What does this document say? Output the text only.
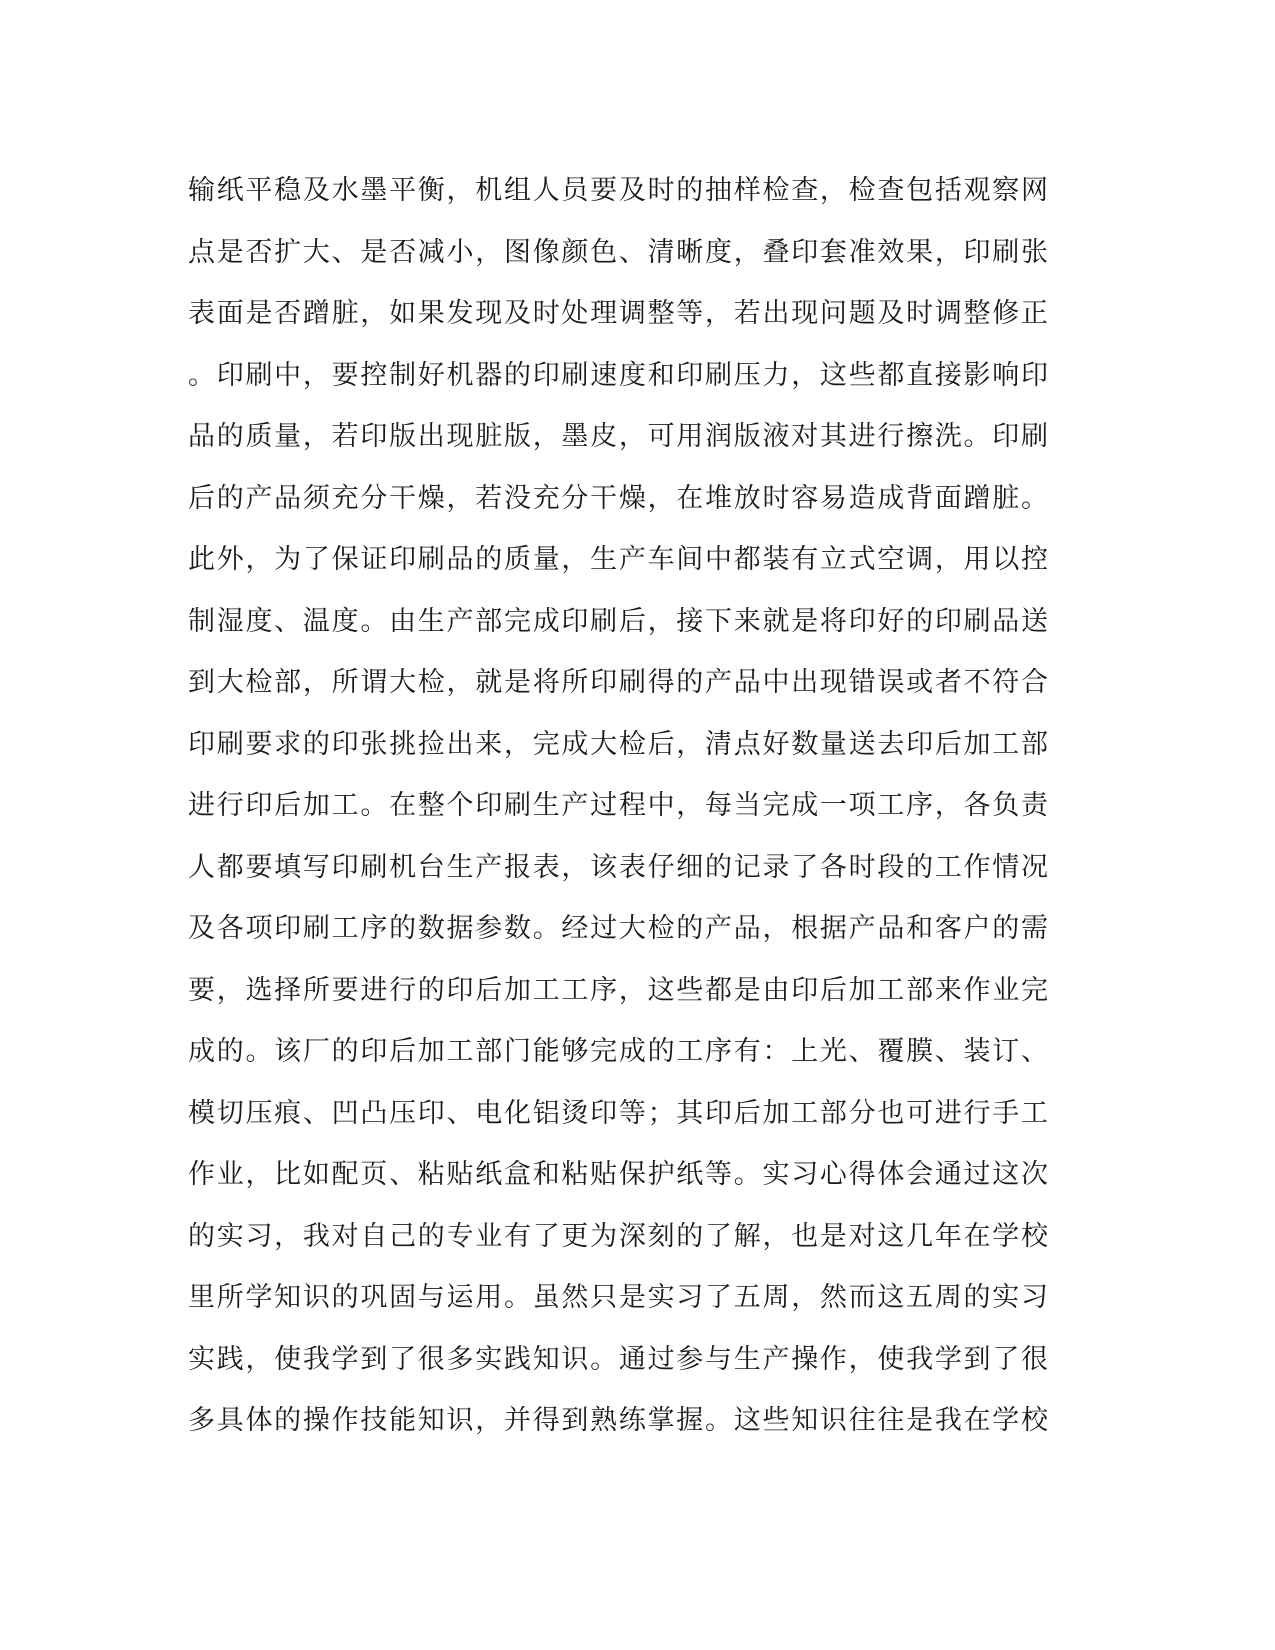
输纸平稳及水墨平衡，机组人员要及时的抽样检查，检查包括观察网
点是否扩大、是否减小，图像颜色、清晰度，叠印套准效果，印刷张
表面是否蹭脏，如果发现及时处理调整等，若出现问题及时调整修正
。印刷中，要控制好机器的印刷速度和印刷压力，这些都直接影响印
品的质量，若印版出现脏版，墨皮，可用润版液对其进行擦洗。印刷
后的产品须充分干燥，若没充分干燥，在堆放时容易造成背面蹭脏。
此外，为了保证印刷品的质量，生产车间中都装有立式空调，用以控
制湿度、温度。由生产部完成印刷后，接下来就是将印好的印刷品送
到大检部，所谓大检，就是将所印刷得的产品中出现错误或者不符合
印刷要求的印张挑捡出来，完成大检后，清点好数量送去印后加工部
进行印后加工。在整个印刷生产过程中，每当完成一项工序，各负责
人都要填写印刷机台生产报表，该表仔细的记录了各时段的工作情况
及各项印刷工序的数据参数。经过大检的产品，根据产品和客户的需
要，选择所要进行的印后加工工序，这些都是由印后加工部来作业完
成的。该厂的印后加工部门能够完成的工序有：上光、覆膜、装订、
模切压痕、凹凸压印、电化铝烫印等；其印后加工部分也可进行手工
作业，比如配页、粘贴纸盒和粘贴保护纸等。实习心得体会通过这次
的实习，我对自己的专业有了更为深刻的了解，也是对这几年在学校
里所学知识的巩固与运用。虽然只是实习了五周，然而这五周的实习
实践，使我学到了很多实践知识。通过参与生产操作，使我学到了很
多具体的操作技能知识，并得到熟练掌握。这些知识往往是我在学校
